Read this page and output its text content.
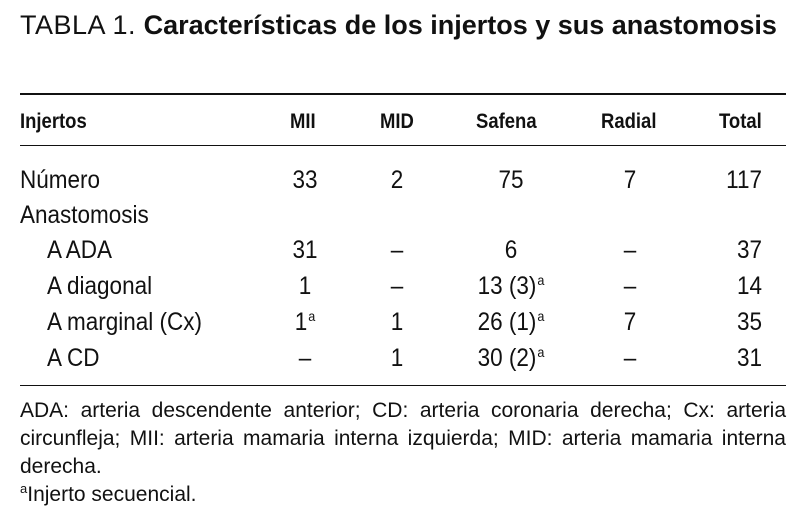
TABLA 1. Características de los injertos y sus anastomosis
Injertos	MII	MID	Safena	Radial	Total
Número	33	2	75	7	117
Anastomosis
A ADA	31	–	6	–	37
A diagonal	1	–	13 $(3)^a$	–	14
A marginal (Cx)	1$^a$	1	26 $(1)^a$	7	35
A CD	–	1	30 $(2)^a$	–	31

ADA: arteria descendente anterior; CD: arteria coronaria derecha; Cx: arteria circunfleja; MII: arteria mamaria interna izquierda; MID: arteria mamaria interna derecha.

$^a$Injerto secuencial.
